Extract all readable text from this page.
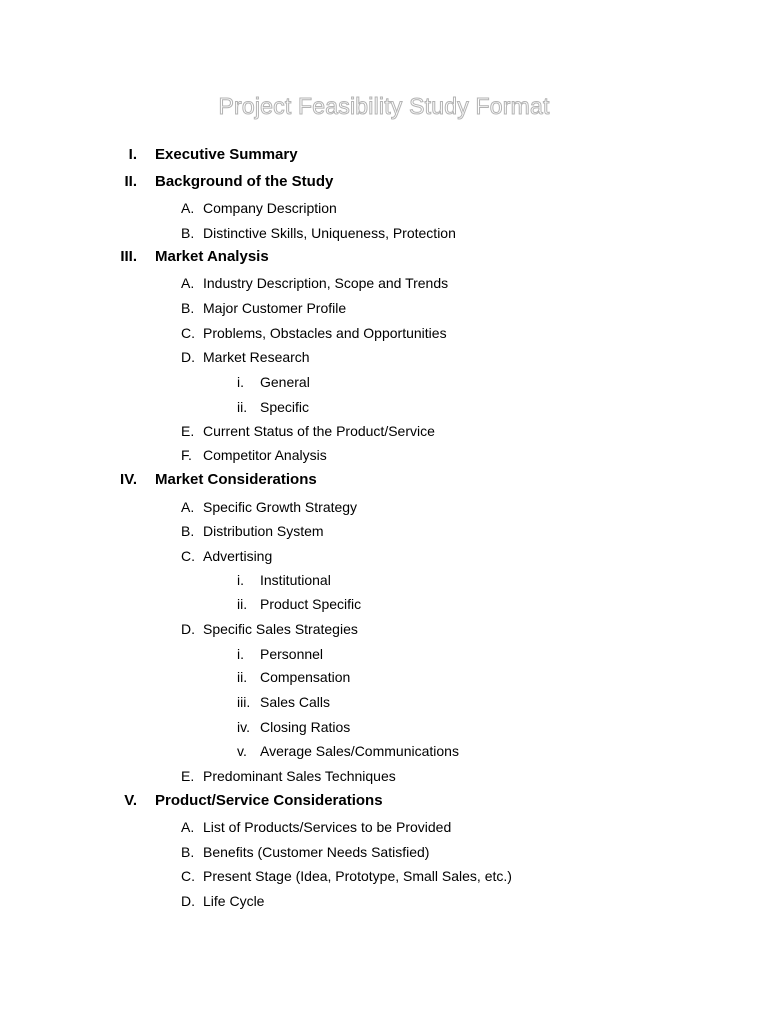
Project Feasibility Study Format
I. Executive Summary
II. Background of the Study
A. Company Description
B. Distinctive Skills, Uniqueness, Protection
III. Market Analysis
A. Industry Description, Scope and Trends
B. Major Customer Profile
C. Problems, Obstacles and Opportunities
D. Market Research
i.	General
ii. Specific
E. Current Status of the Product/Service
F. Competitor Analysis
IV. Market Considerations
A. Specific Growth Strategy
B. Distribution System
C. Advertising
i.	Institutional
ii. Product Specific
D. Specific Sales Strategies
i.	Personnel
ii. Compensation
iii. Sales Calls
iv. Closing Ratios
v. Average Sales/Communications
E. Predominant Sales Techniques
V. Product/Service Considerations
A. List of Products/Services to be Provided
B. Benefits (Customer Needs Satisfied)
C. Present Stage (Idea, Prototype, Small Sales, etc.)
D. Life Cycle
